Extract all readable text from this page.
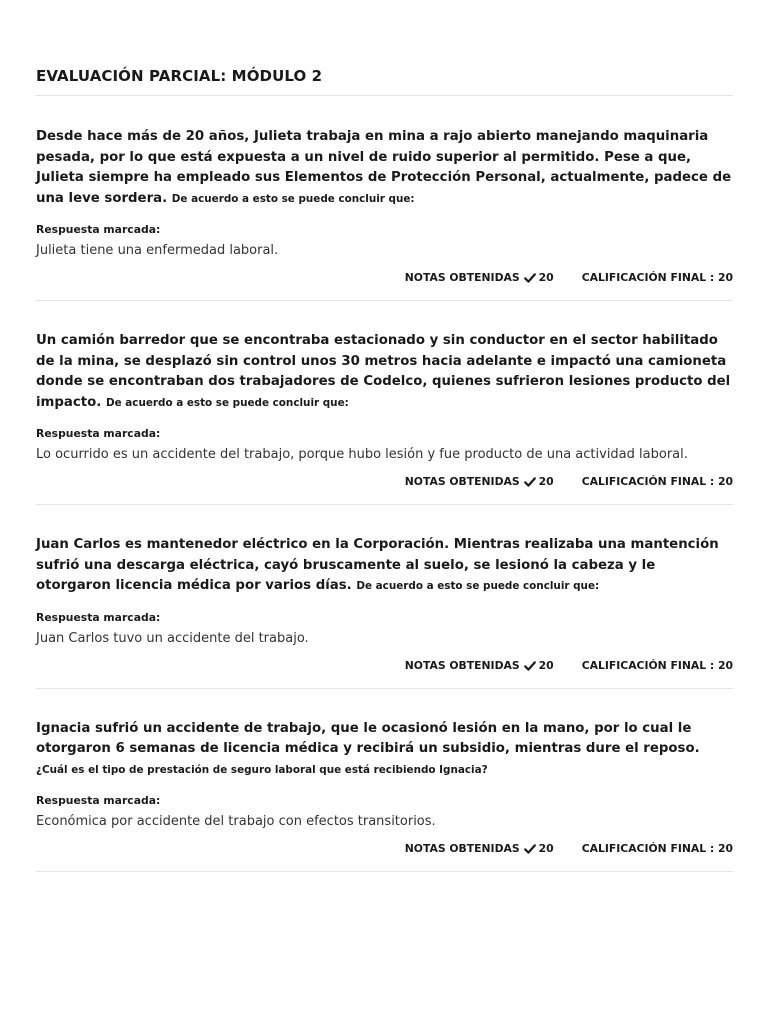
EVALUACIÓN PARCIAL: MÓDULO 2

Desde hace más de 20 años, Julieta trabaja en mina a rajo abierto manejando maquinaria pesada, por lo que está expuesta a un nivel de ruido superior al permitido. Pese a que, Julieta siempre ha empleado sus Elementos de Protección Personal, actualmente, padece de una leve sordera. De acuerdo a esto se puede concluir que:

Respuesta marcada:
Julieta tiene una enfermedad laboral.
NOTAS OBTENIDAS 20	CALIFICACIÓN FINAL : 20

Un camión barredor que se encontraba estacionado y sin conductor en el sector habilitado de la mina, se desplazó sin control unos 30 metros hacia adelante e impactó una camioneta donde se encontraban dos trabajadores de Codelco, quienes sufrieron lesiones producto del impacto. De acuerdo a esto se puede concluir que:

Respuesta marcada:
Lo ocurrido es un accidente del trabajo, porque hubo lesión y fue producto de una actividad laboral.
NOTAS OBTENIDAS 20	CALIFICACIÓN FINAL : 20

Juan Carlos es mantenedor eléctrico en la Corporación. Mientras realizaba una mantención sufrió una descarga eléctrica, cayó bruscamente al suelo, se lesionó la cabeza y le otorgaron licencia médica por varios días. De acuerdo a esto se puede concluir que:

Respuesta marcada:
Juan Carlos tuvo un accidente del trabajo.
NOTAS OBTENIDAS 20	CALIFICACIÓN FINAL : 20

Ignacia sufrió un accidente de trabajo, que le ocasionó lesión en la mano, por lo cual le otorgaron 6 semanas de licencia médica y recibirá un subsidio, mientras dure el reposo. ¿Cuál es el tipo de prestación de seguro laboral que está recibiendo Ignacia?

Respuesta marcada:
Económica por accidente del trabajo con efectos transitorios.
NOTAS OBTENIDAS 20	CALIFICACIÓN FINAL : 20
